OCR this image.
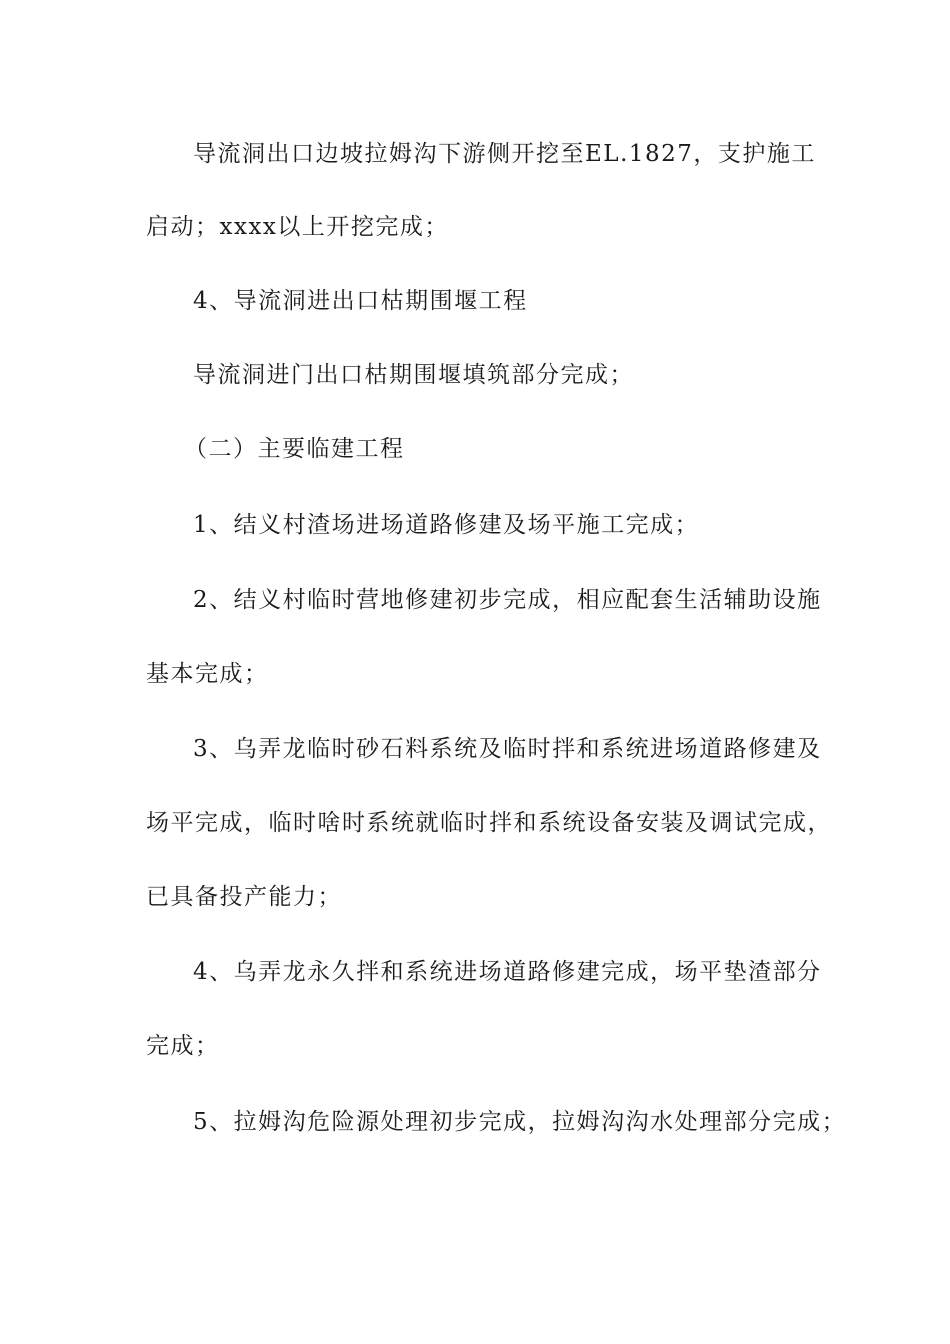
导流洞出口边坡拉姆沟下游侧开挖至EL.1827，支护施工
启动；xxxx以上开挖完成；
4、导流洞进出口枯期围堰工程
导流洞进门出口枯期围堰填筑部分完成；
（二）主要临建工程
1、结义村渣场进场道路修建及场平施工完成；
2、结义村临时营地修建初步完成，相应配套生活辅助设施
基本完成；
3、乌弄龙临时砂石料系统及临时拌和系统进场道路修建及
场平完成，临时啥时系统就临时拌和系统设备安装及调试完成，
已具备投产能力；
4、乌弄龙永久拌和系统进场道路修建完成，场平垫渣部分
完成；
5、拉姆沟危险源处理初步完成，拉姆沟沟水处理部分完成；
